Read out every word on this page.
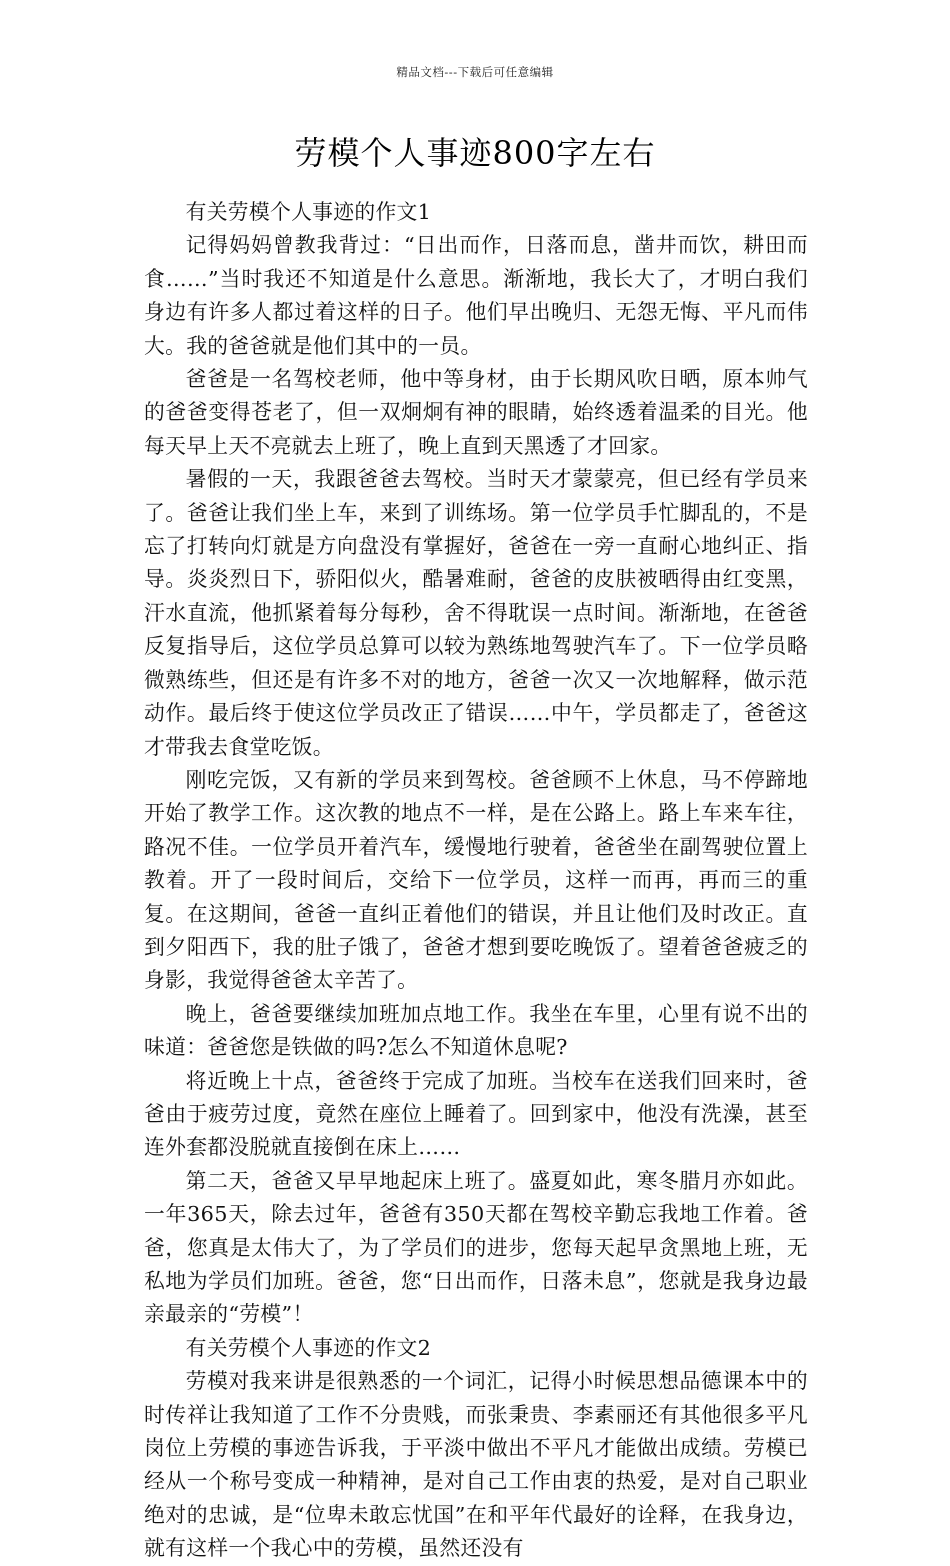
精品文档---下载后可任意编辑
劳模个人事迹800字左右

有关劳模个人事迹的作文1

记得妈妈曾教我背过：“日出而作，日落而息，凿井而饮，耕田而食……”当时我还不知道是什么意思。渐渐地，我长大了，才明白我们身边有许多人都过着这样的日子。他们早出晚归、无怨无悔、平凡而伟大。我的爸爸就是他们其中的一员。

爸爸是一名驾校老师，他中等身材，由于长期风吹日晒，原本帅气的爸爸变得苍老了，但一双炯炯有神的眼睛，始终透着温柔的目光。他每天早上天不亮就去上班了，晚上直到天黑透了才回家。

暑假的一天，我跟爸爸去驾校。当时天才蒙蒙亮，但已经有学员来了。爸爸让我们坐上车，来到了训练场。第一位学员手忙脚乱的，不是忘了打转向灯就是方向盘没有掌握好，爸爸在一旁一直耐心地纠正、指导。炎炎烈日下，骄阳似火，酷暑难耐，爸爸的皮肤被晒得由红变黑，汗水直流，他抓紧着每分每秒，舍不得耽误一点时间。渐渐地，在爸爸反复指导后，这位学员总算可以较为熟练地驾驶汽车了。下一位学员略微熟练些，但还是有许多不对的地方，爸爸一次又一次地解释，做示范动作。最后终于使这位学员改正了错误……中午，学员都走了，爸爸这才带我去食堂吃饭。

刚吃完饭，又有新的学员来到驾校。爸爸顾不上休息，马不停蹄地开始了教学工作。这次教的地点不一样，是在公路上。路上车来车往，路况不佳。一位学员开着汽车，缓慢地行驶着，爸爸坐在副驾驶位置上教着。开了一段时间后，交给下一位学员，这样一而再，再而三的重复。在这期间，爸爸一直纠正着他们的错误，并且让他们及时改正。直到夕阳西下，我的肚子饿了，爸爸才想到要吃晚饭了。望着爸爸疲乏的身影，我觉得爸爸太辛苦了。

晚上，爸爸要继续加班加点地工作。我坐在车里，心里有说不出的味道：爸爸您是铁做的吗?怎么不知道休息呢?

将近晚上十点，爸爸终于完成了加班。当校车在送我们回来时，爸爸由于疲劳过度，竟然在座位上睡着了。回到家中，他没有洗澡，甚至连外套都没脱就直接倒在床上……

第二天，爸爸又早早地起床上班了。盛夏如此，寒冬腊月亦如此。一年365天，除去过年，爸爸有350天都在驾校辛勤忘我地工作着。爸爸，您真是太伟大了，为了学员们的进步，您每天起早贪黑地上班，无私地为学员们加班。爸爸，您“日出而作，日落未息”，您就是我身边最亲最亲的“劳模”！

有关劳模个人事迹的作文2

劳模对我来讲是很熟悉的一个词汇，记得小时候思想品德课本中的时传祥让我知道了工作不分贵贱，而张秉贵、李素丽还有其他很多平凡岗位上劳模的事迹告诉我，于平淡中做出不平凡才能做出成绩。劳模已经从一个称号变成一种精神，是对自己工作由衷的热爱，是对自己职业绝对的忠诚，是“位卑未敢忘忧国”在和平年代最好的诠释，在我身边，就有这样一个我心中的劳模，虽然还没有
